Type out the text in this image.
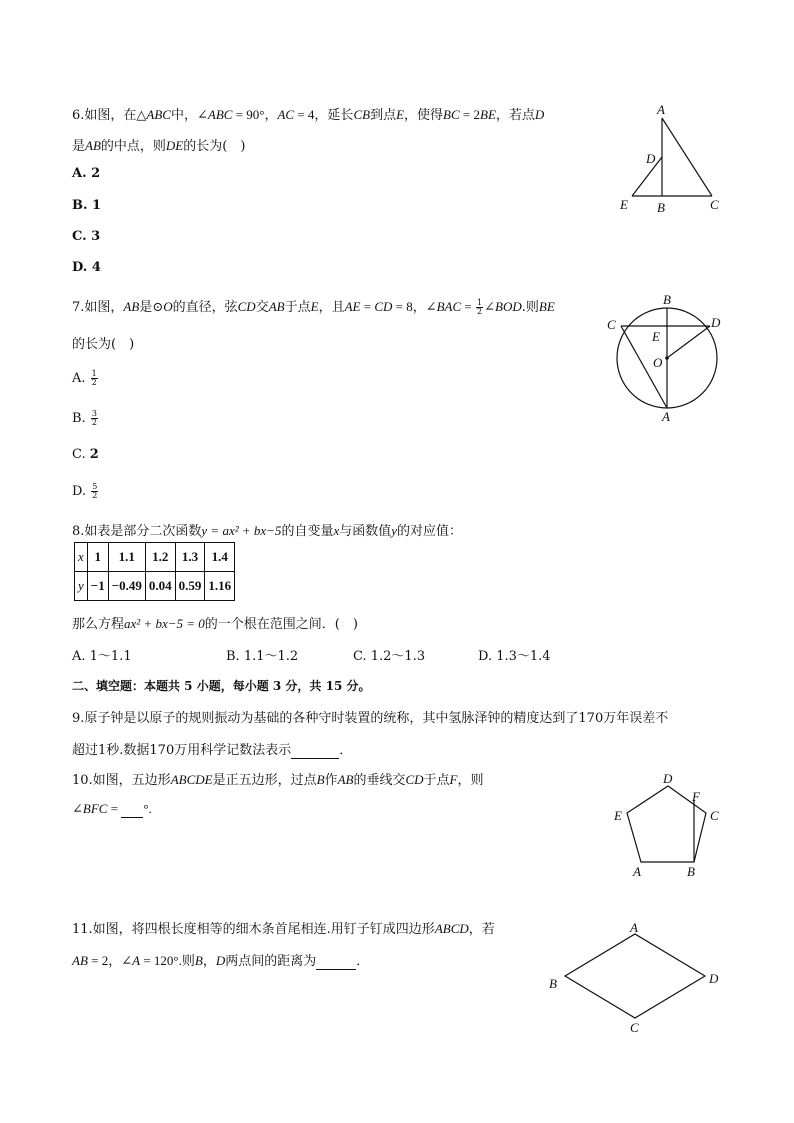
6.如图，在△ABC中，∠ABC = 90°，AC = 4，延长CB到点E，使得BC = 2BE，若点D
是AB的中点，则DE的长为(　)
A. 2
B. 1
C. 3
D. 4
A
D
E B	C
7.如图，AB是⊙O的直径，弦CD交AB于点E，且AE = CD = 8，∠BAC = $\frac{1}{2}$ ∠BOD.则BE
的长为(　)
A. $\frac{1}{2}$
B. $\frac{3}{2}$
C. 2
D. $\frac{5}{2}$
B
C
E
D
O
A
8.如表是部分二次函数y = ax² + bx−5的自变量x与函数值y的对应值：
x	1	1.1	1.2	1.3	1.4
y	−1	−0.49	0.04	0.59	1.16
那么方程ax² + bx−5 = 0的一个根在范围之间．(　)
A. 1～1.1	B. 1.1～1.2	C. 1.2～1.3	D. 1.3～1.4
二、填空题：本题共 5 小题，每小题 3 分，共 15 分。
9.原子钟是以原子的规则振动为基础的各种守时装置的统称，其中氢脉泽钟的精度达到了170万年误差不
超过1秒.数据170万用科学记数法表示	．
10.如图，五边形ABCDE是正五边形，过点B作AB的垂线交CD于点F，则
∠BFC =  °.
D
F
E	C
A	B
11.如图，将四根长度相等的细木条首尾相连.用钉子钉成四边形ABCD，若
AB = 2，∠A = 120°.则B，D两点间的距离为	．
A
B	D
C
